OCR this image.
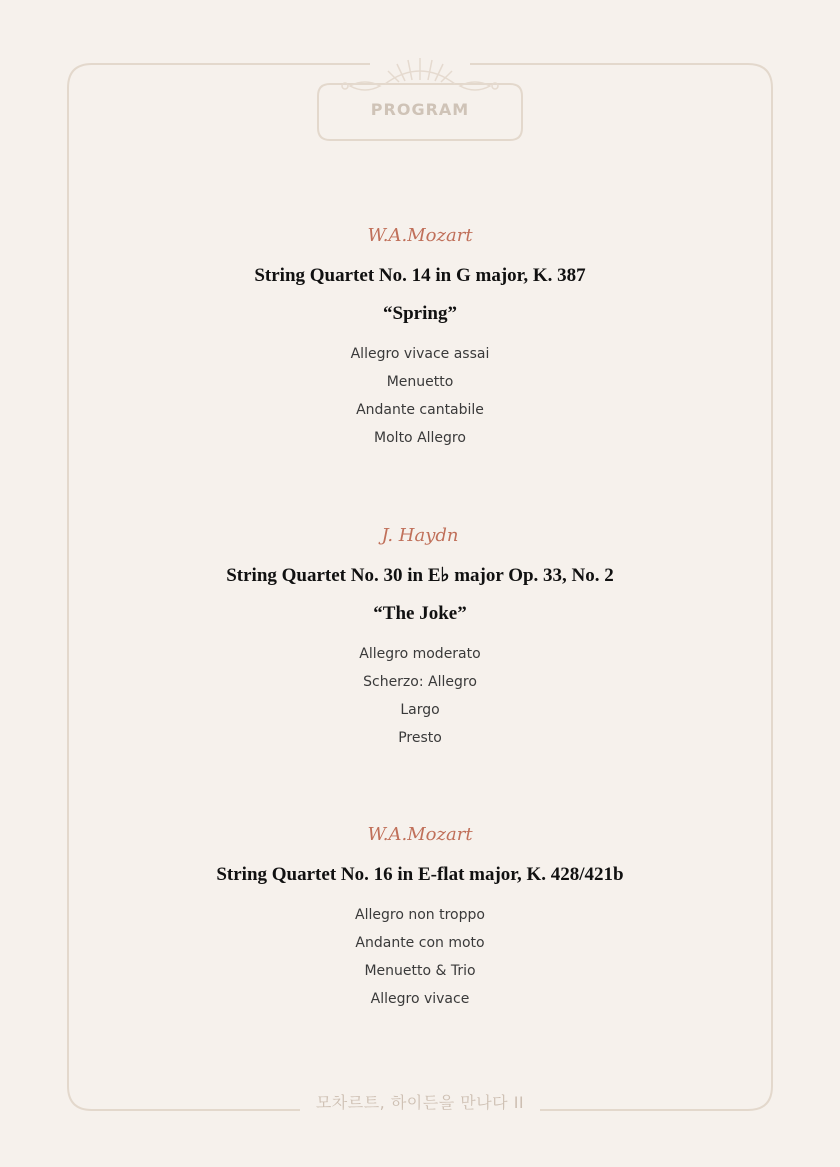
PROGRAM
W.A.Mozart
String Quartet No. 14 in G major, K. 387
“Spring”
Allegro vivace assai
Menuetto
Andante cantabile
Molto Allegro
J. Haydn
String Quartet No. 30 in E♭ major Op. 33, No. 2
“The Joke”
Allegro moderato
Scherzo: Allegro
Largo
Presto
W.A.Mozart
String Quartet No. 16 in E-flat major, K. 428/421b
Allegro non troppo
Andante con moto
Menuetto & Trio
Allegro vivace
모차르트, 하이든을 만나다 II
